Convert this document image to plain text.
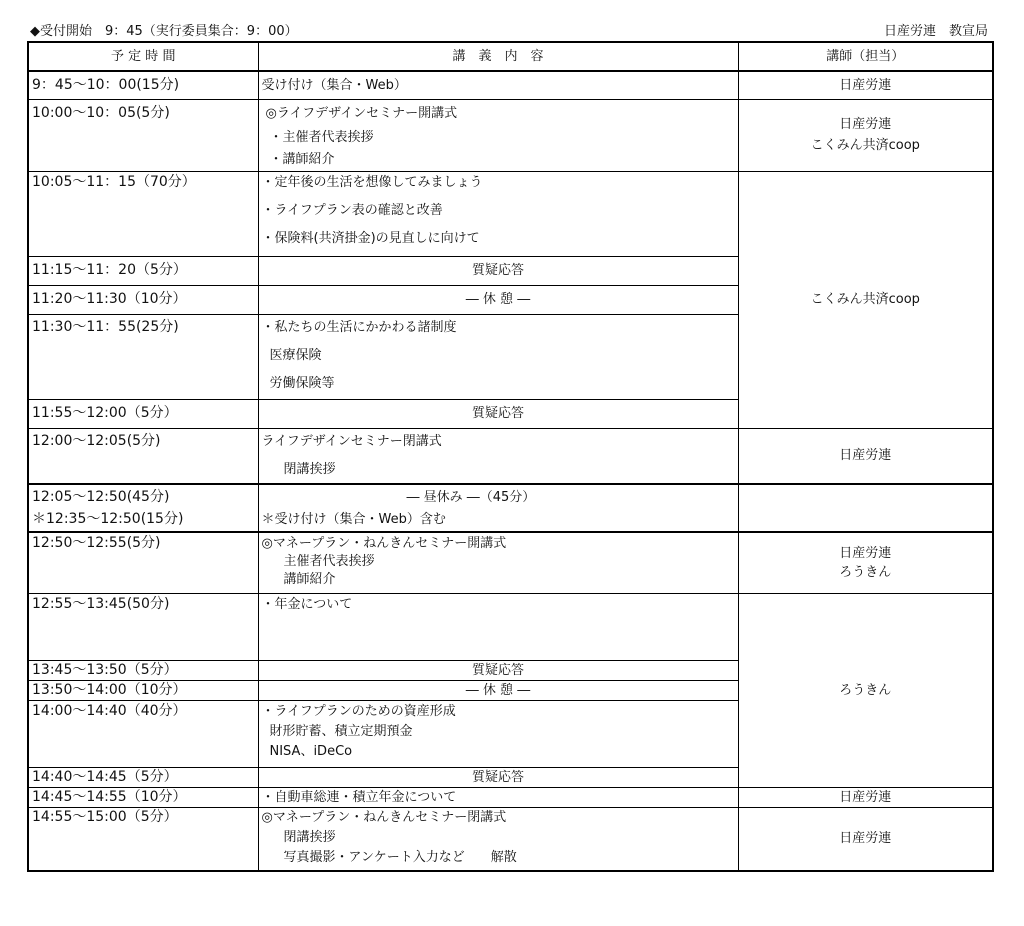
◆受付開始　9：45（実行委員集合：9：00）	日産労連　教宣局
予 定 時 間	講　義　内　容	講師（担当）

9：45～10：00(15分)	受け付け（集合・Web）	日産労連

10:00～10：05(5分)	◎ライフデザインセミナー開講式
・主催者代表挨拶
・講師紹介	日産労連
こくみん共済coop

10:05～11：15（70分）	・定年後の生活を想像してみましょう
・ライフプラン表の確認と改善
・保険料(共済掛金)の見直しに向けて	こくみん共済coop

11:15～11：20（5分）	質疑応答	

11:20～11:30（10分）	― 休 憩 ―	

11:30～11：55(25分)	・私たちの生活にかかわる諸制度
医療保険
労働保険等	

11:55～12:00（5分）	質疑応答	

12:00～12:05(5分)	ライフデザインセミナー閉講式
閉講挨拶	日産労連

12:05～12:50(45分)
＊12:35～12:50(15分)	― 昼休み ―（45分）
＊受け付け（集合・Web）含む	

12:50～12:55(5分)	◎マネープラン・ねんきんセミナー開講式
主催者代表挨拶
講師紹介	日産労連
ろうきん

12:55～13:45(50分)	・年金について	ろうきん

13:45～13:50（5分）	質疑応答	

13:50～14:00（10分）	― 休 憩 ―	

14:00～14:40（40分）	・ライフプランのための資産形成
財形貯蓄、積立定期預金
NISA、iDeCo	

14:40～14:45（5分）	質疑応答	

14:45～14:55（10分）	・自動車総連・積立年金について	日産労連

14:55～15:00（5分）	◎マネープラン・ねんきんセミナー閉講式
閉講挨拶
写真撮影・アンケート入力など　　解散	日産労連
